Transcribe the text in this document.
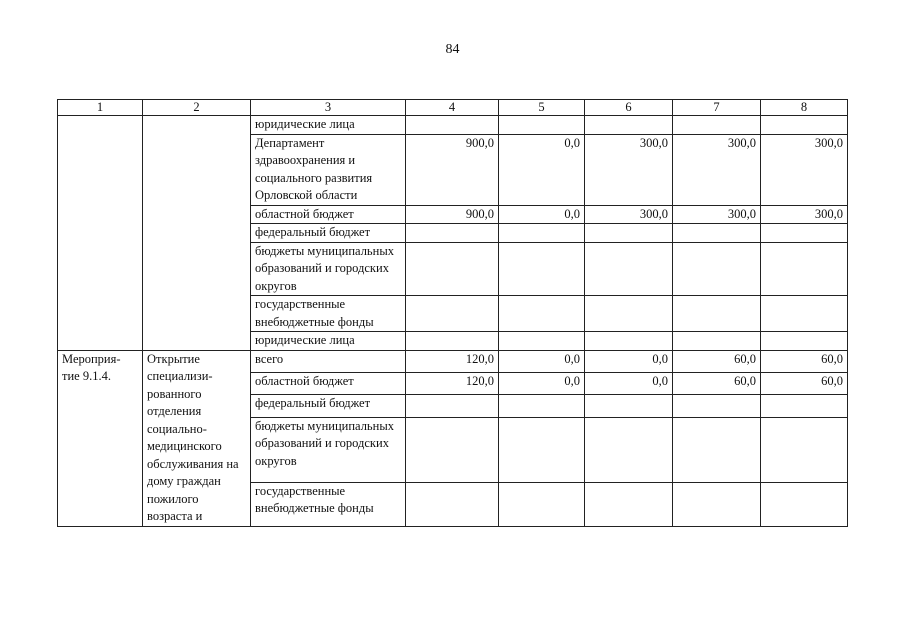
84
1	2	3	4	5	6	7	8
		юридические лица					
		Департамент здравоохранения и социального развития Орловской области	900,0	0,0	300,0	300,0	300,0
		областной бюджет	900,0	0,0	300,0	300,0	300,0
		федеральный бюджет					
		бюджеты муниципальных образований и городских округов					
		государственные внебюджетные фонды					
		юридические лица					
Мероприя-тие 9.1.4.	Открытие специализи-рованного отделения социально-медицинского обслуживания на дому граждан пожилого возраста и	всего	120,0	0,0	0,0	60,0	60,0
		областной бюджет	120,0	0,0	0,0	60,0	60,0
		федеральный бюджет					
		бюджеты муниципальных образований и городских округов					
		государственные внебюджетные фонды					
